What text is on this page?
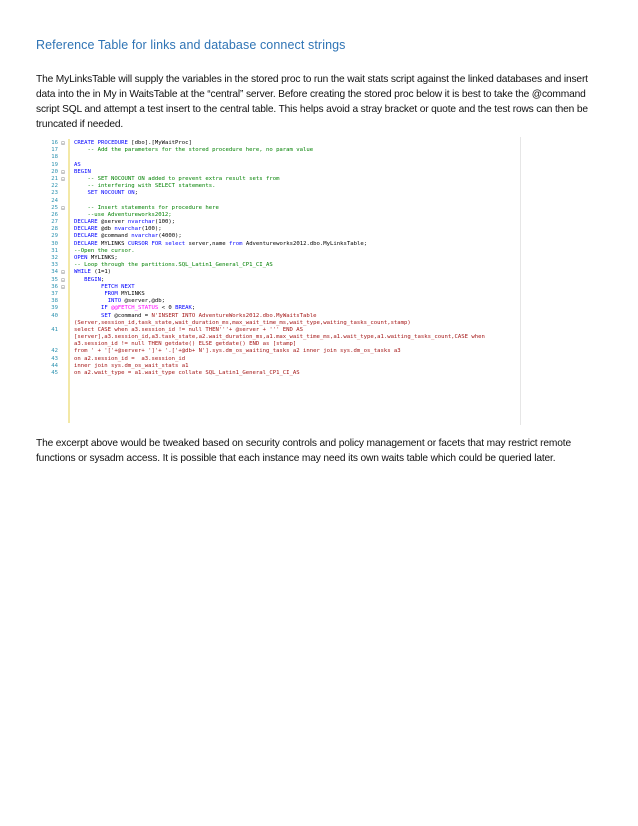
Reference Table for links and database connect strings
The MyLinksTable will supply the variables in the stored proc to run the wait stats script against the linked databases and insert data into the in My in WaitsTable at the “central” server. Before creating the stored proc below it is best to take the @command script SQL and attempt a test insert to the central table. This helps avoid a stray bracket or quote and the test rows can then be truncated if needed.
16
17
18
19
20
21
22
23
24
25
26
27
28
29
30
31
32
33
34
35
36
37
38
39
40
41
42
43
44
45
⊟
⊟
⊟
⊟
⊟
⊟
⊟
CREATE PROCEDURE [dbo].[MyWaitProc]
-- Add the parameters for the stored procedure here, no param value
AS
BEGIN
-- SET NOCOUNT ON added to prevent extra result sets from
-- interfering with SELECT statements.
SET NOCOUNT ON;
-- Insert statements for procedure here
--use Adventureworks2012;
DECLARE @server nvarchar(100);
DECLARE @db nvarchar(100);
DECLARE @command nvarchar(4000);
DECLARE MYLINKS CURSOR FOR select server,name from Adventureworks2012.dbo.MyLinksTable;
--Open the cursor.
OPEN MYLINKS;
-- Loop through the partitions.SQL_Latin1_General_CP1_CI_AS
WHILE (1=1)
BEGIN;
FETCH NEXT
FROM MYLINKS
INTO @server,@db;
IF @@FETCH_STATUS < 0 BREAK;
SET @command = N'INSERT INTO AdventureWorks2012.dbo.MyWaitsTable
(Server,session_id,task_state,wait_duration_ms,max_wait_time_ms,wait_type,waiting_tasks_count,stamp)
select CASE when a3.session_id != null THEN'''+ @server + ''' END AS
[server],a3.session_id,a3.task_state,a2.wait_duration_ms,a1.max_wait_time_ms,a1.wait_type,a1.waiting_tasks_count,CASE when
a3.session_id != null THEN getdate() ELSE getdate() END as [stamp]
from ' + '['+@server+ ']'+ '.['+@db+ N'].sys.dm_os_waiting_tasks a2 inner join sys.dm_os_tasks a3
on a2.session_id =  a3.session_id
inner join sys.dm_os_wait_stats a1
on a2.wait_type = a1.wait_type collate SQL_Latin1_General_CP1_CI_AS
The excerpt above would be tweaked based on security controls and policy management or facets that may restrict remote functions or sysadm access. It is possible that each instance may need its own waits table which could be queried later.
